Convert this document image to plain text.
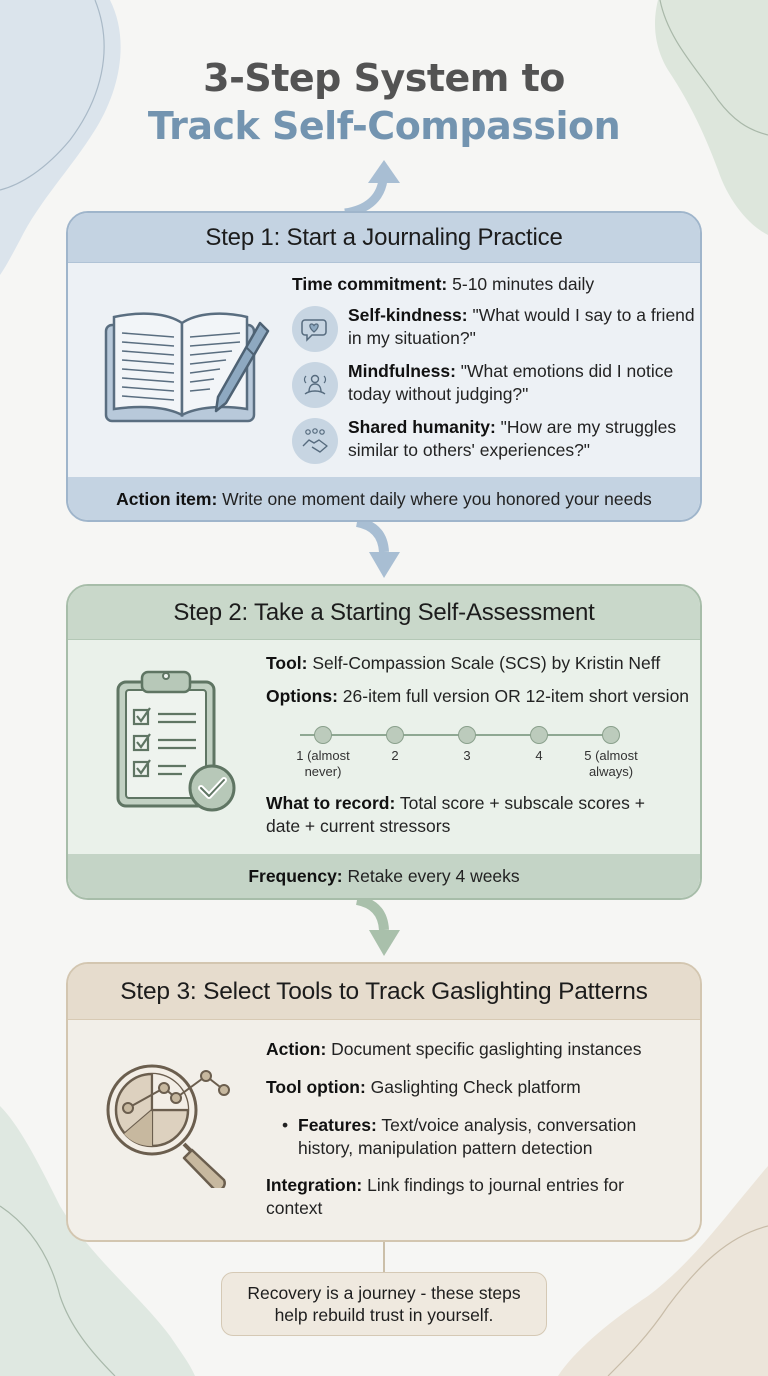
3-Step System to
Track Self-Compassion
Step 1: Start a Journaling Practice
Time commitment: 5-10 minutes daily
Self-kindness: "What would I say to a friend in my situation?"
Mindfulness: "What emotions did I notice today without judging?"
Shared humanity: "How are my struggles similar to others' experiences?"
Action item: Write one moment daily where you honored your needs
Step 2: Take a Starting Self-Assessment
Tool: Self-Compassion Scale (SCS) by Kristin Neff
Options: 26-item full version OR 12-item short version
1 (almost never)
2	3	4	5 (almost always)
What to record: Total score + subscale scores + date + current stressors
Frequency: Retake every 4 weeks
Step 3: Select Tools to Track Gaslighting Patterns
Action: Document specific gaslighting instances
Tool option: Gaslighting Check platform
• Features: Text/voice analysis, conversation history, manipulation pattern detection
Integration: Link findings to journal entries for context
Recovery is a journey - these steps help rebuild trust in yourself.
